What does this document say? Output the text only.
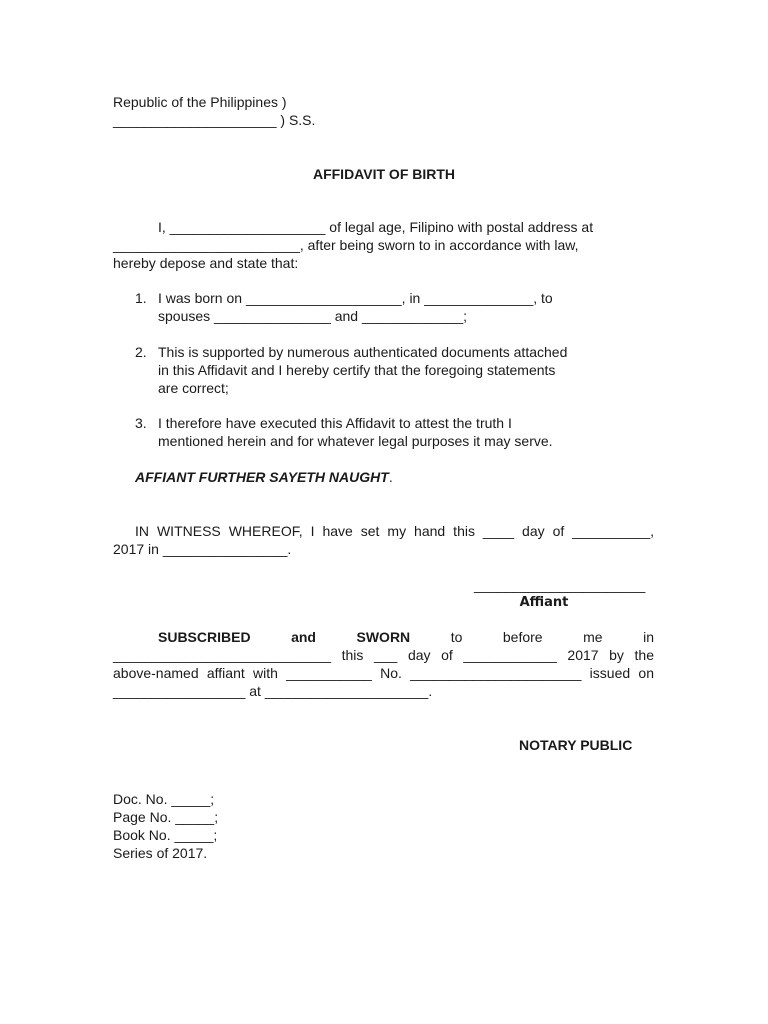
Republic of the Philippines )
_____________________ ) S.S.
AFFIDAVIT OF BIRTH
I, ____________________ of legal age, Filipino with postal address at
________________________, after being sworn to in accordance with law,
hereby depose and state that:
1. I was born on ____________________, in ______________, to
spouses _______________ and _____________;
2. This is supported by numerous authenticated documents attached
in this Affidavit and I hereby certify that the foregoing statements
are correct;
3. I therefore have executed this Affidavit to attest the truth I
mentioned herein and for whatever legal purposes it may serve.
AFFIANT FURTHER SAYETH NAUGHT.
IN WITNESS WHEREOF, I have set my hand this ____ day of __________,
2017 in ________________.
______________________
Affiant
SUBSCRIBED	and	SWORN	to	before	me	in
____________________________ this ___ day of ____________ 2017 by the
above-named affiant with ___________ No. ______________________ issued on
_________________ at _____________________.
NOTARY PUBLIC
Doc. No. _____;
Page No. _____;
Book No. _____;
Series of 2017.
